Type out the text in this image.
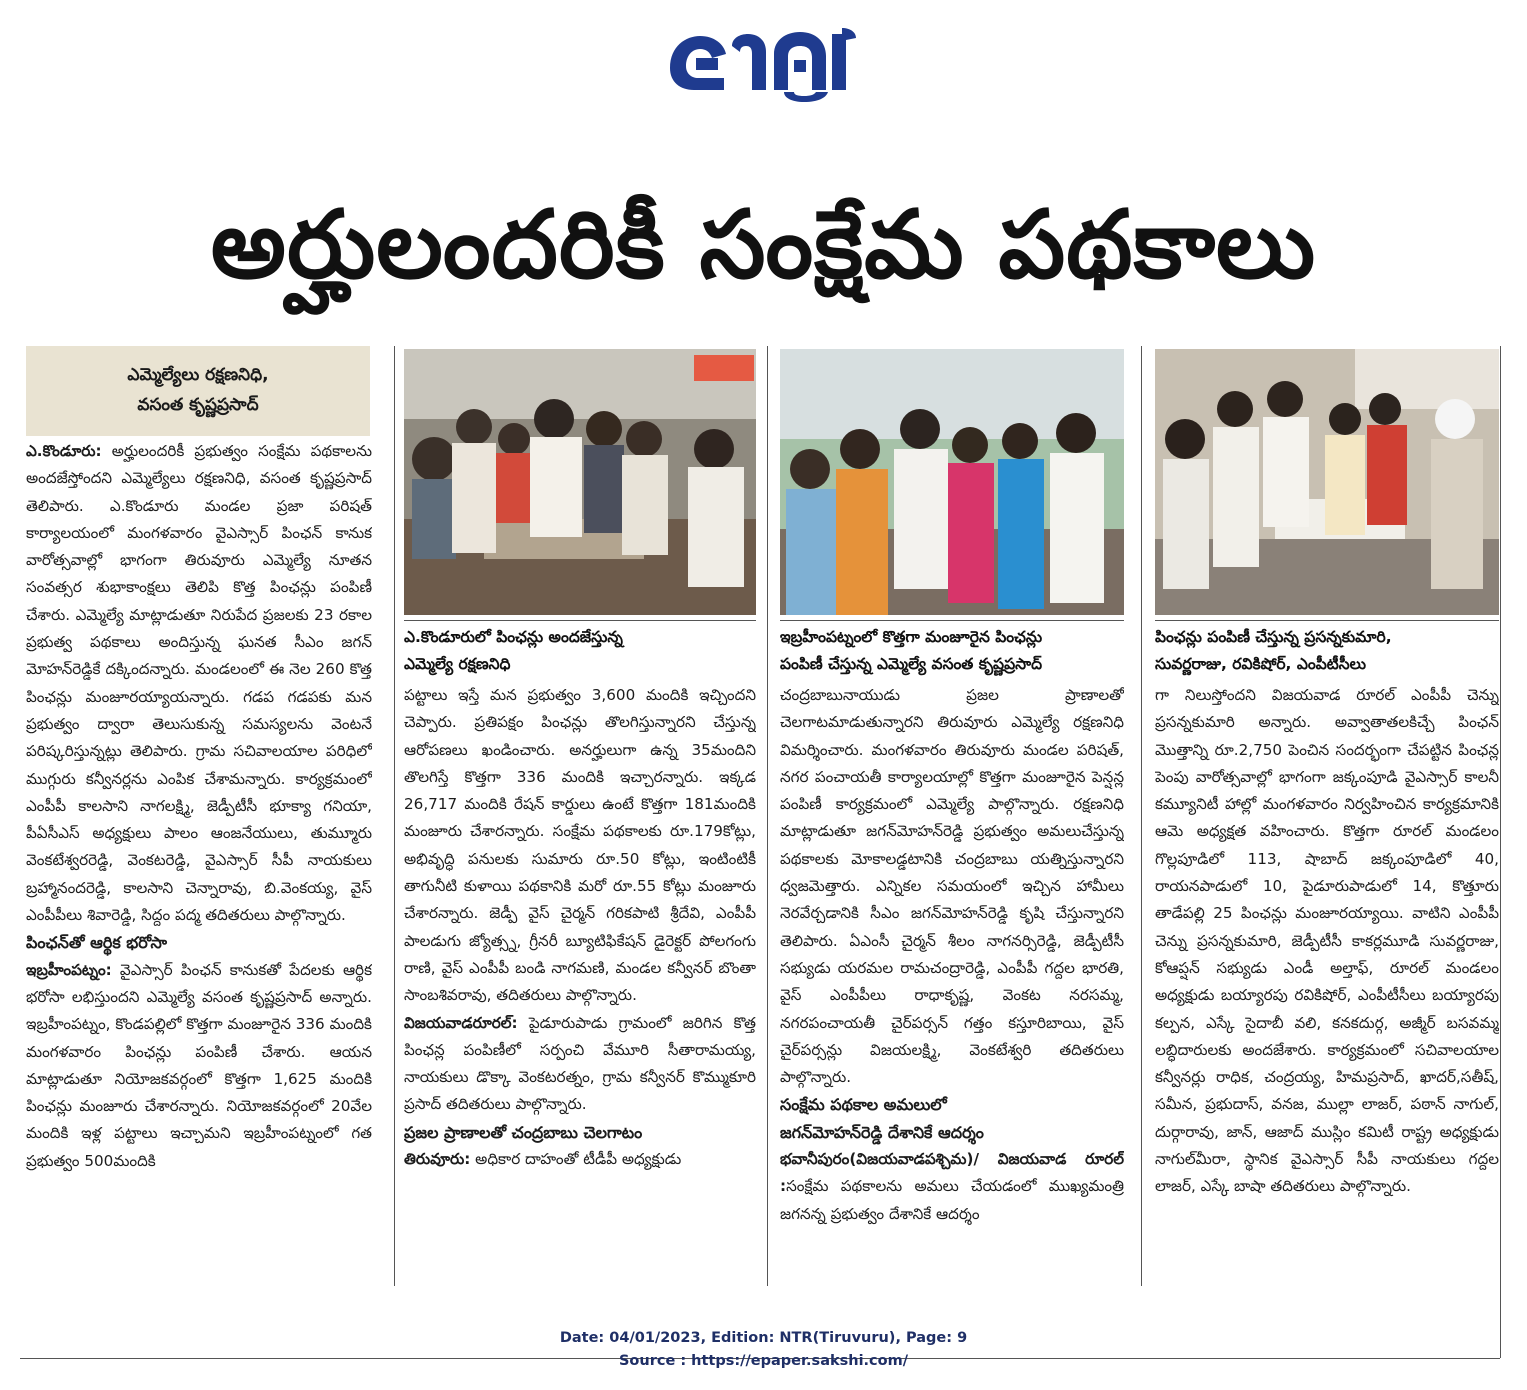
అర్హులందరికీ సంక్షేమ పథకాలు
ఎమ్మెల్యేలు రక్షణనిధి,
వసంత కృష్ణప్రసాద్
ఎ.కొండూరులో పింఛన్లు అందజేస్తున్న
ఎమ్మెల్యే రక్షణనిధి
ఇబ్రహీంపట్నంలో కొత్తగా మంజూరైన పింఛన్లు
పంపిణీ చేస్తున్న ఎమ్మెల్యే వసంత కృష్ణప్రసాద్
పింఛన్లు పంపిణీ చేస్తున్న ప్రసన్నకుమారి,
సువర్ణరాజు, రవికిషోర్, ఎంపీటీసీలు

ఎ.కొండూరు: అర్హులందరికీ ప్రభుత్వం సంక్షేమ పథకాలను అందజేస్తోందని ఎమ్మెల్యేలు రక్షణనిధి, వసంత కృష్ణప్రసాద్ తెలిపారు. ఎ.కొండూరు మండల ప్రజా పరిషత్ కార్యాలయంలో మంగళవారం వైఎస్సార్ పింఛన్ కానుక వారోత్సవాల్లో భాగంగా తిరువూరు ఎమ్మెల్యే నూతన సంవత్సర శుభాకాంక్షలు తెలిపి కొత్త పింఛన్లు పంపిణీ చేశారు. ఎమ్మెల్యే మాట్లాడుతూ నిరుపేద ప్రజలకు 23 రకాల ప్రభుత్వ పథకాలు అందిస్తున్న ఘనత సీఎం జగన్ మోహన్‌రెడ్డికే దక్కిందన్నారు. మండలంలో ఈ నెల 260 కొత్త పింఛన్లు మంజూరయ్యాయన్నారు. గడప గడపకు మన ప్రభుత్వం ద్వారా తెలుసుకున్న సమస్యలను వెంటనే పరిష్కరిస్తున్నట్లు తెలిపారు. గ్రామ సచివాలయాల పరిధిలో ముగ్గురు కన్వీనర్లను ఎంపిక చేశామన్నారు. కార్యక్రమంలో ఎంపీపీ కాలసాని నాగలక్ష్మి, జెడ్పీటీసీ భూక్యా గనియా, పీఏసీఎస్ అధ్యక్షులు పాలం ఆంజనేయులు, తుమ్మూరు వెంకటేశ్వరరెడ్డి, వెంకటరెడ్డి, వైఎస్సార్ సీపీ నాయకులు బ్రహ్మానందరెడ్డి, కాలసాని చెన్నారావు, బి.వెంకయ్య, వైస్ ఎంపీపీలు శివారెడ్డి, సిద్దం పద్మ తదితరులు పాల్గొన్నారు.

పింఛన్‌తో ఆర్థిక భరోసా

ఇబ్రహీంపట్నం: వైఎస్సార్ పింఛన్ కానుకతో పేదలకు ఆర్థిక భరోసా లభిస్తుందని ఎమ్మెల్యే వసంత కృష్ణప్రసాద్ అన్నారు. ఇబ్రహీంపట్నం, కొండపల్లిలో కొత్తగా మంజూరైన 336 మందికి మంగళవారం పింఛన్లు పంపిణీ చేశారు. ఆయన మాట్లాడుతూ నియోజకవర్గంలో కొత్తగా 1,625 మందికి పింఛన్లు మంజూరు చేశారన్నారు. నియోజకవర్గంలో 20వేల మందికి ఇళ్ల పట్టాలు ఇచ్చామని ఇబ్రహీంపట్నంలో గత ప్రభుత్వం 500మందికి

పట్టాలు ఇస్తే మన ప్రభుత్వం 3,600 మందికి ఇచ్చిందని చెప్పారు. ప్రతిపక్షం పింఛన్లు తొలగిస్తున్నారని చేస్తున్న ఆరోపణలు ఖండించారు. అనర్హులుగా ఉన్న 35మందిని తొలగిస్తే కొత్తగా 336 మందికి ఇచ్చారన్నారు. ఇక్కడ 26,717 మందికి రేషన్ కార్డులు ఉంటే కొత్తగా 181మందికి మంజూరు చేశారన్నారు. సంక్షేమ పథకాలకు రూ.179కోట్లు, అభివృద్ధి పనులకు సుమారు రూ.50 కోట్లు, ఇంటింటికీ తాగునీటి కుళాయి పథకానికి మరో రూ.55 కోట్లు మంజూరు చేశారన్నారు. జెడ్పీ వైస్ చైర్మన్ గరికపాటి శ్రీదేవి, ఎంపీపీ పాలడుగు జ్యోత్స్న, గ్రీనరీ బ్యూటిఫికేషన్ డైరెక్టర్ పోలగంగు రాణి, వైస్ ఎంపీపీ బండి నాగమణి, మండల కన్వీనర్ బొంతా సాంబశివరావు, తదితరులు పాల్గొన్నారు.

విజయవాడరూరల్: పైడూరుపాడు గ్రామంలో జరిగిన కొత్త పింఛన్ల పంపిణీలో సర్పంచి వేమూరి సీతారామయ్య, నాయకులు డొక్కా వెంకటరత్నం, గ్రామ కన్వీనర్ కొమ్ముకూరి ప్రసాద్ తదితరులు పాల్గొన్నారు.

ప్రజల ప్రాణాలతో చంద్రబాబు చెలగాటం

తిరువూరు: అధికార దాహంతో టీడీపీ అధ్యక్షుడు

చంద్రబాబునాయుడు ప్రజల ప్రాణాలతో చెలగాటమాడుతున్నారని తిరువూరు ఎమ్మెల్యే రక్షణనిధి విమర్శించారు. మంగళవారం తిరువూరు మండల పరిషత్, నగర పంచాయతీ కార్యాలయాల్లో కొత్తగా మంజూరైన పెన్షన్ల పంపిణీ కార్యక్రమంలో ఎమ్మెల్యే పాల్గొన్నారు. రక్షణనిధి మాట్లాడుతూ జగన్‌మోహన్‌రెడ్డి ప్రభుత్వం అమలుచేస్తున్న పథకాలకు మోకాలడ్డటానికి చంద్రబాబు యత్నిస్తున్నారని ధ్వజమెత్తారు. ఎన్నికల సమయంలో ఇచ్చిన హామీలు నెరవేర్చడానికి సీఎం జగన్‌మోహన్‌రెడ్డి కృషి చేస్తున్నారని తెలిపారు. ఏఎంసీ చైర్మన్ శీలం నాగనర్సిరెడ్డి, జెడ్పీటీసీ సభ్యుడు యరమల రామచంద్రారెడ్డి, ఎంపీపీ గద్దల భారతి, వైస్ ఎంపీపీలు రాధాకృష్ణ, వెంకట నరసమ్మ, నగరపంచాయతీ చైర్‌పర్సన్ గత్తం కస్తూరిబాయి, వైస్ చైర్‌పర్సన్లు విజయలక్ష్మి, వెంకటేశ్వరి తదితరులు పాల్గొన్నారు.

సంక్షేమ పథకాల అమలులో

జగన్‌మోహన్‌రెడ్డి దేశానికే ఆదర్శం

భవానీపురం(విజయవాడపశ్చిమ)/ విజయవాడ రూరల్ :సంక్షేమ పథకాలను అమలు చేయడంలో ముఖ్యమంత్రి జగనన్న ప్రభుత్వం దేశానికే ఆదర్శం

గా నిలుస్తోందని విజయవాడ రూరల్ ఎంపీపీ చెన్ను ప్రసన్నకుమారి అన్నారు. అవ్వాతాతలకిచ్చే పింఛన్ మొత్తాన్ని రూ.2,750 పెంచిన సందర్భంగా చేపట్టిన పింఛన్ల పెంపు వారోత్సవాల్లో భాగంగా జక్కంపూడి వైఎస్సార్ కాలనీ కమ్యూనిటీ హాల్లో మంగళవారం నిర్వహించిన కార్యక్రమానికి ఆమె అధ్యక్షత వహించారు. కొత్తగా రూరల్ మండలం గొల్లపూడిలో 113, షాబాద్ జక్కంపూడిలో 40, రాయనపాడులో 10, పైడూరుపాడులో 14, కొత్తూరు తాడేపల్లి 25 పింఛన్లు మంజూరయ్యాయి. వాటిని ఎంపీపీ చెన్ను ప్రసన్నకుమారి, జెడ్పీటీసీ కాకర్లమూడి సువర్ణరాజు, కోఆప్షన్ సభ్యుడు ఎండీ అల్తాఫ్, రూరల్ మండలం అధ్యక్షుడు బయ్యారపు రవికిషోర్, ఎంపీటీసీలు బయ్యారపు కల్పన, ఎస్కే సైదాబీ వలి, కనకదుర్గ, అజ్మీర్ బసవమ్మ లబ్ధిదారులకు అందజేశారు. కార్యక్రమంలో సచివాలయాల కన్వీనర్లు రాధిక, చంద్రయ్య, హిమప్రసాద్, ఖాదర్,సతీష్, సమీన, ప్రభుదాస్, వనజ, ముల్లా లాజర్, పఠాన్ నాగుల్, దుర్గారావు, జాన్, ఆజాద్ ముస్లిం కమిటీ రాష్ట్ర అధ్యక్షుడు నాగుల్‌మీరా, స్థానిక వైఎస్సార్ సీపీ నాయకులు గద్దల లాజర్, ఎస్కే బాషా తదితరులు పాల్గొన్నారు.

Date: 04/01/2023, Edition: NTR(Tiruvuru), Page: 9
Source : https://epaper.sakshi.com/
